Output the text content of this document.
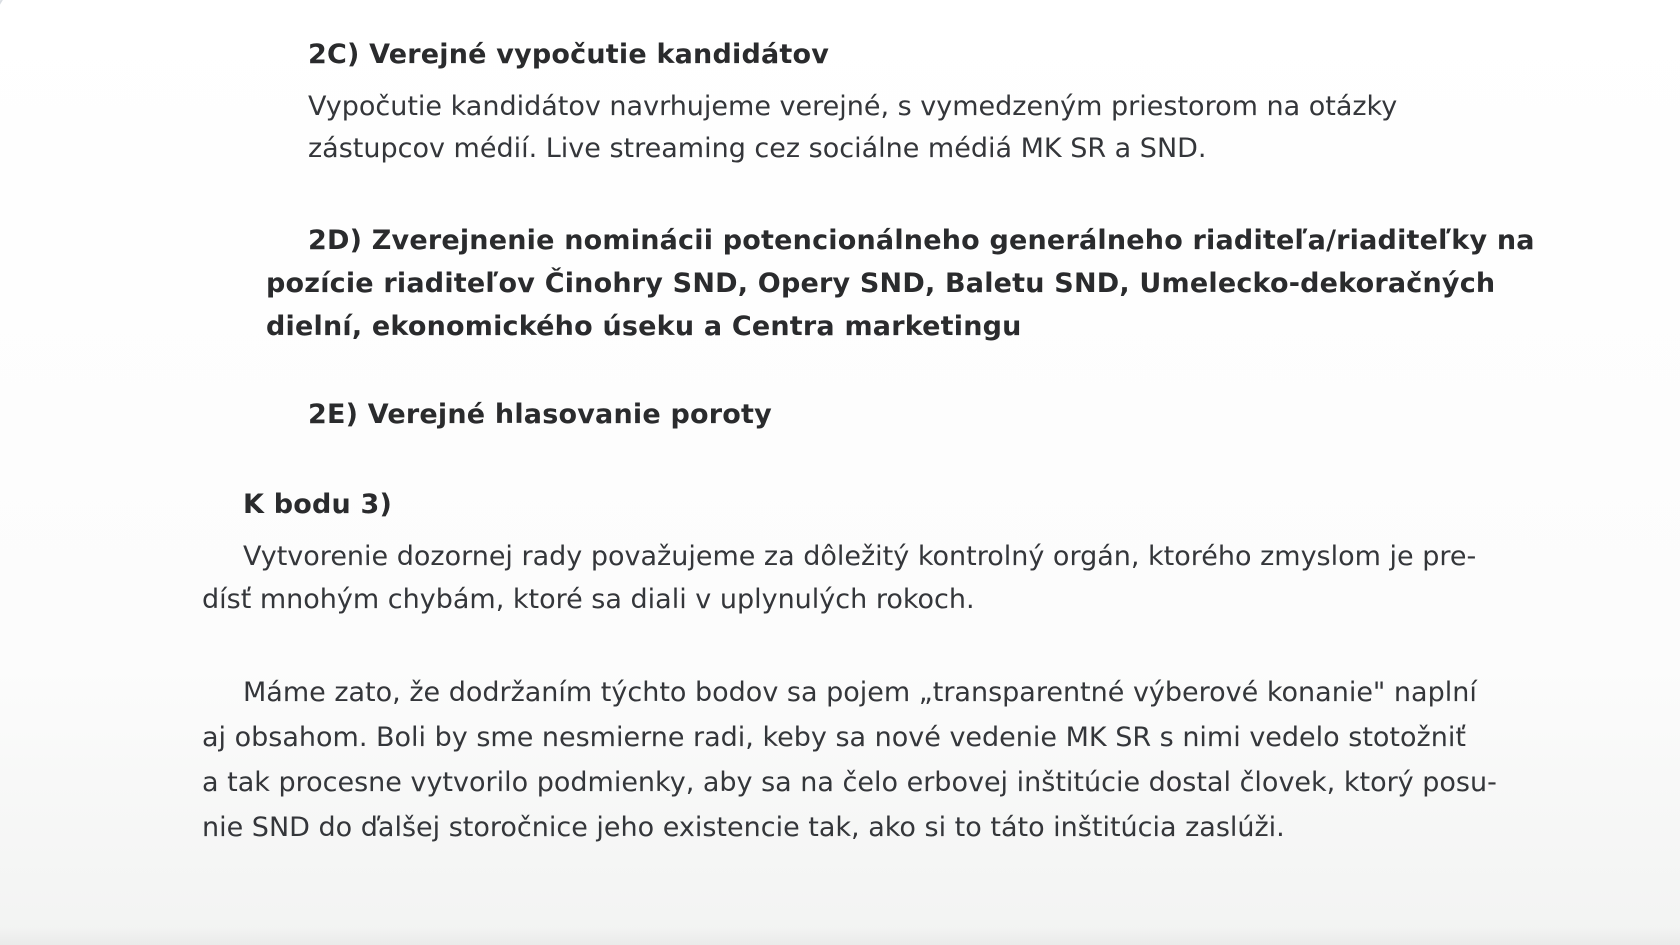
2C) Verejné vypočutie kandidátov

Vypočutie kandidátov navrhujeme verejné, s vymedzeným priestorom na otázky
zástupcov médií. Live streaming cez sociálne médiá MK SR a SND.

2D) Zverejnenie nominácii potencionálneho generálneho riaditeľa/riaditeľky na
pozície riaditeľov Činohry SND, Opery SND, Baletu SND, Umelecko-dekoračných
dielní, ekonomického úseku a Centra marketingu
2E) Verejné hlasovanie poroty
K bodu 3)

Vytvorenie dozornej rady považujeme za dôležitý kontrolný orgán, ktorého zmyslom je pre-
dísť mnohým chybám, ktoré sa diali v uplynulých rokoch.

Máme zato, že dodržaním týchto bodov sa pojem „transparentné výberové konanie" naplní
aj obsahom. Boli by sme nesmierne radi, keby sa nové vedenie MK SR s nimi vedelo stotožniť
a tak procesne vytvorilo podmienky, aby sa na čelo erbovej inštitúcie dostal človek, ktorý posu-
nie SND do ďalšej storočnice jeho existencie tak, ako si to táto inštitúcia zaslúži.
